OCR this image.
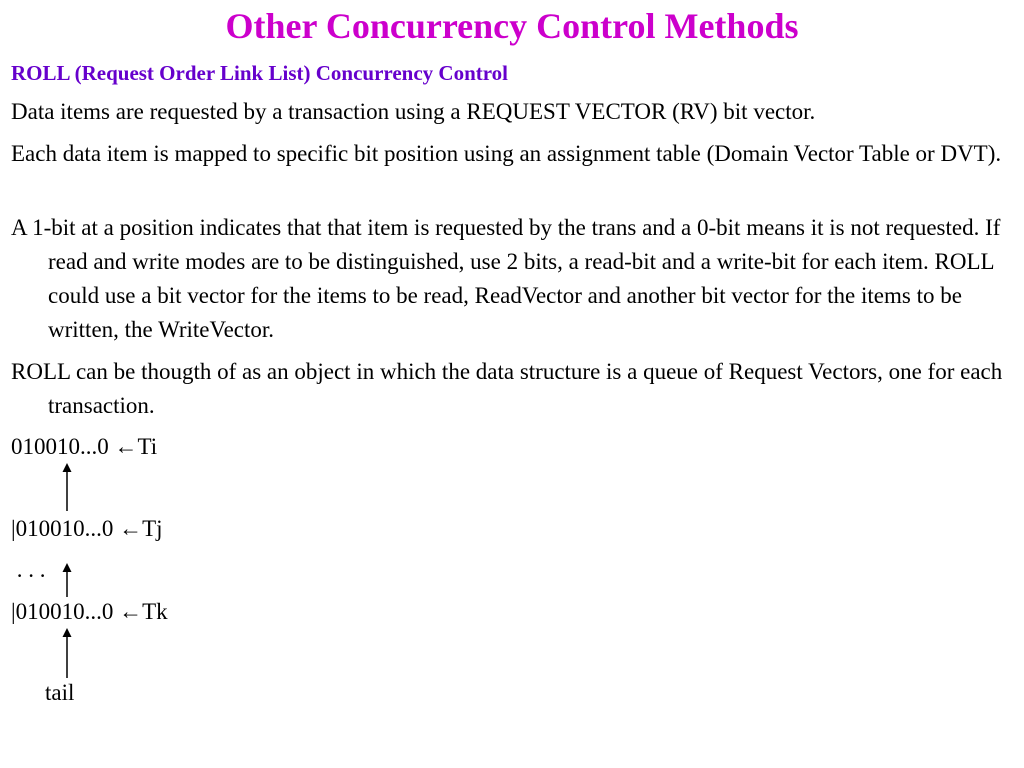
Other Concurrency Control Methods
ROLL (Request Order Link List) Concurrency Control
Data items are requested by a transaction using a REQUEST VECTOR (RV) bit vector.
Each data item is mapped to specific bit position using an assignment table (Domain Vector Table or DVT).
A 1-bit at a position indicates that that item is requested by the trans and a 0-bit means it is not requested. If read and write modes are to be distinguished, use 2 bits, a read-bit and a write-bit for each item. ROLL could use a bit vector for the items to be read, ReadVector and another bit vector for the items to be written, the WriteVector.
ROLL can be thougth of as an object in which the data structure is a queue of Request Vectors, one for each transaction.
010010...0 ←Ti
|010010...0 ←Tj
. . .
|010010...0 ←Tk
tail
